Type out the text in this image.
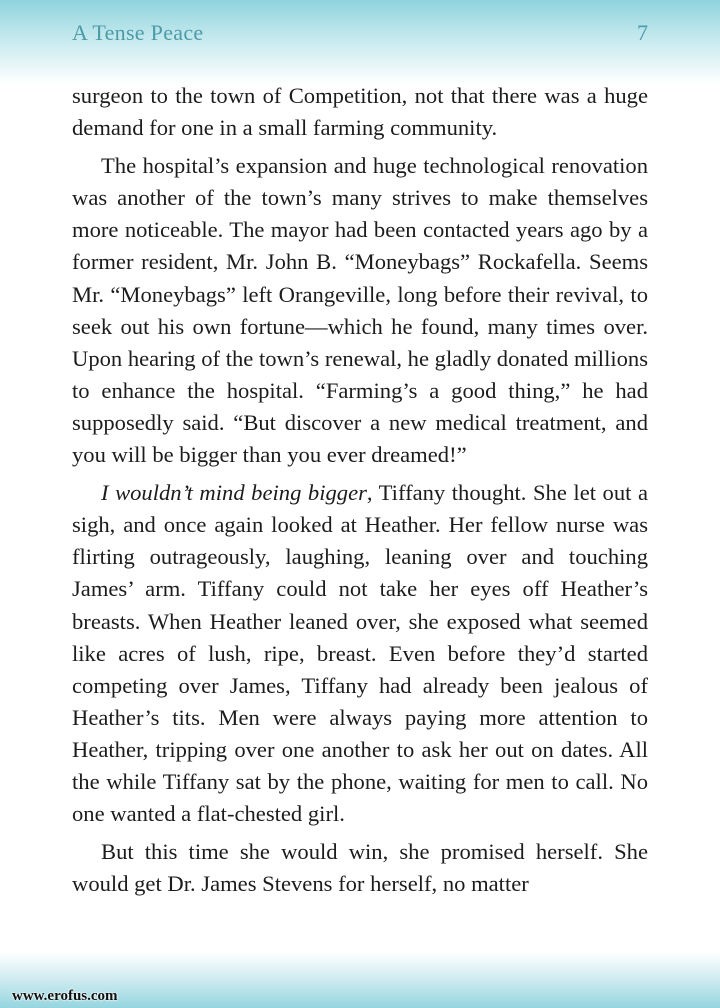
A Tense Peace	7

surgeon to the town of Competition, not that there was a huge demand for one in a small farming community.

The hospital’s expansion and huge technological renovation was another of the town’s many strives to make themselves more noticeable. The mayor had been contacted years ago by a former resident, Mr. John B. “Moneybags” Rockafella. Seems Mr. “Moneybags” left Orangeville, long before their revival, to seek out his own fortune—which he found, many times over. Upon hearing of the town’s renewal, he gladly donated millions to enhance the hospital. “Farming’s a good thing,” he had supposedly said. “But discover a new medical treatment, and you will be bigger than you ever dreamed!”

I wouldn’t mind being bigger, Tiffany thought. She let out a sigh, and once again looked at Heather. Her fellow nurse was flirting outrageously, laughing, leaning over and touching James’ arm. Tiffany could not take her eyes off Heather’s breasts. When Heather leaned over, she exposed what seemed like acres of lush, ripe, breast. Even before they’d started competing over James, Tiffany had already been jealous of Heather’s tits. Men were always paying more attention to Heather, tripping over one another to ask her out on dates. All the while Tiffany sat by the phone, waiting for men to call. No one wanted a flat-chested girl.

But this time she would win, she promised herself. She would get Dr. James Stevens for herself, no matter

www.erofus.com
